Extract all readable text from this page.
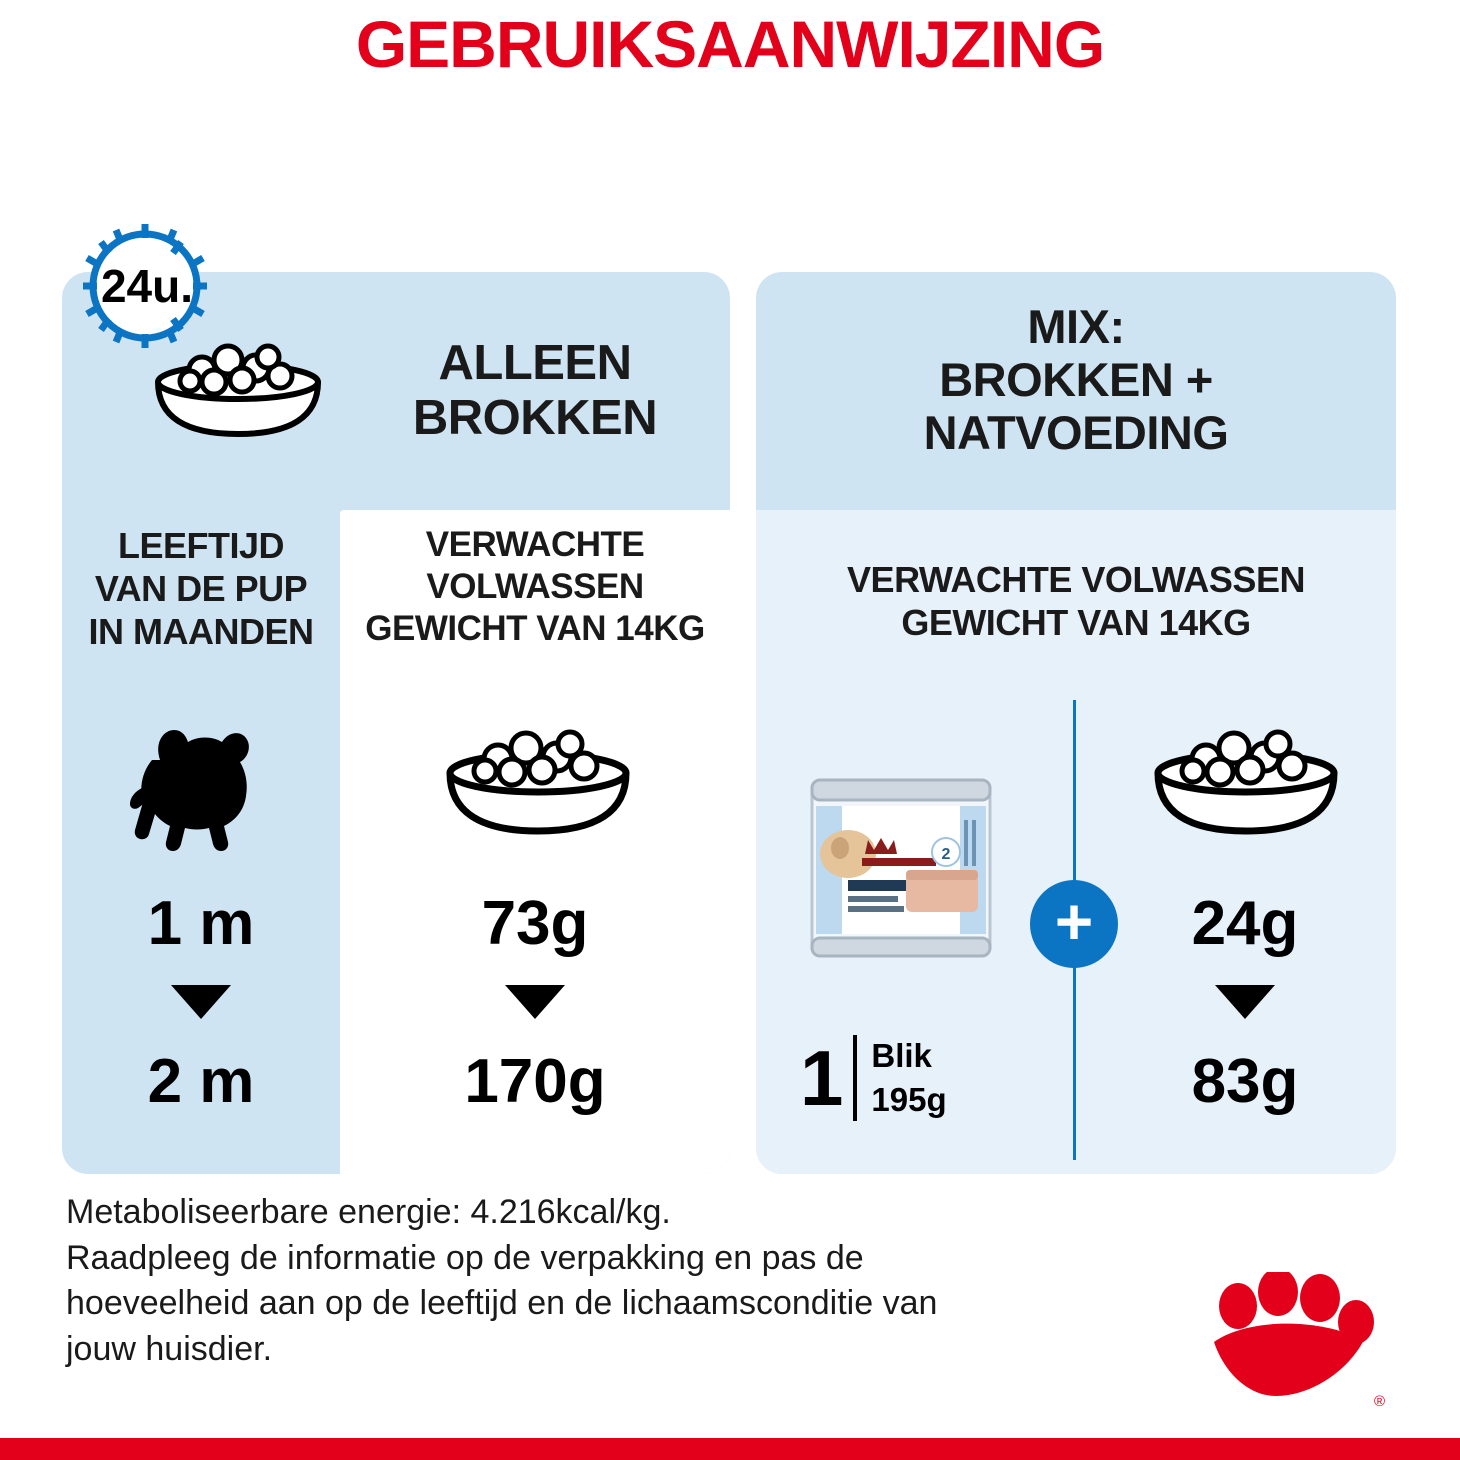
GEBRUIKSAANWIJZING
24u.
ALLEEN
BROKKEN
MIX:
BROKKEN +
NATVOEDING
LEEFTIJD
VAN DE PUP
IN MAANDEN
VERWACHTE
VOLWASSEN
GEWICHT VAN 14KG
VERWACHTE VOLWASSEN
GEWICHT VAN 14KG
2
+
1 m
2 m
73g
170g
24g
83g
1 Blik
195g
Metaboliseerbare energie: 4.216kcal/kg.
Raadpleeg de informatie op de verpakking en pas de
hoeveelheid aan op de leeftijd en de lichaamsconditie van
jouw huisdier.
®
